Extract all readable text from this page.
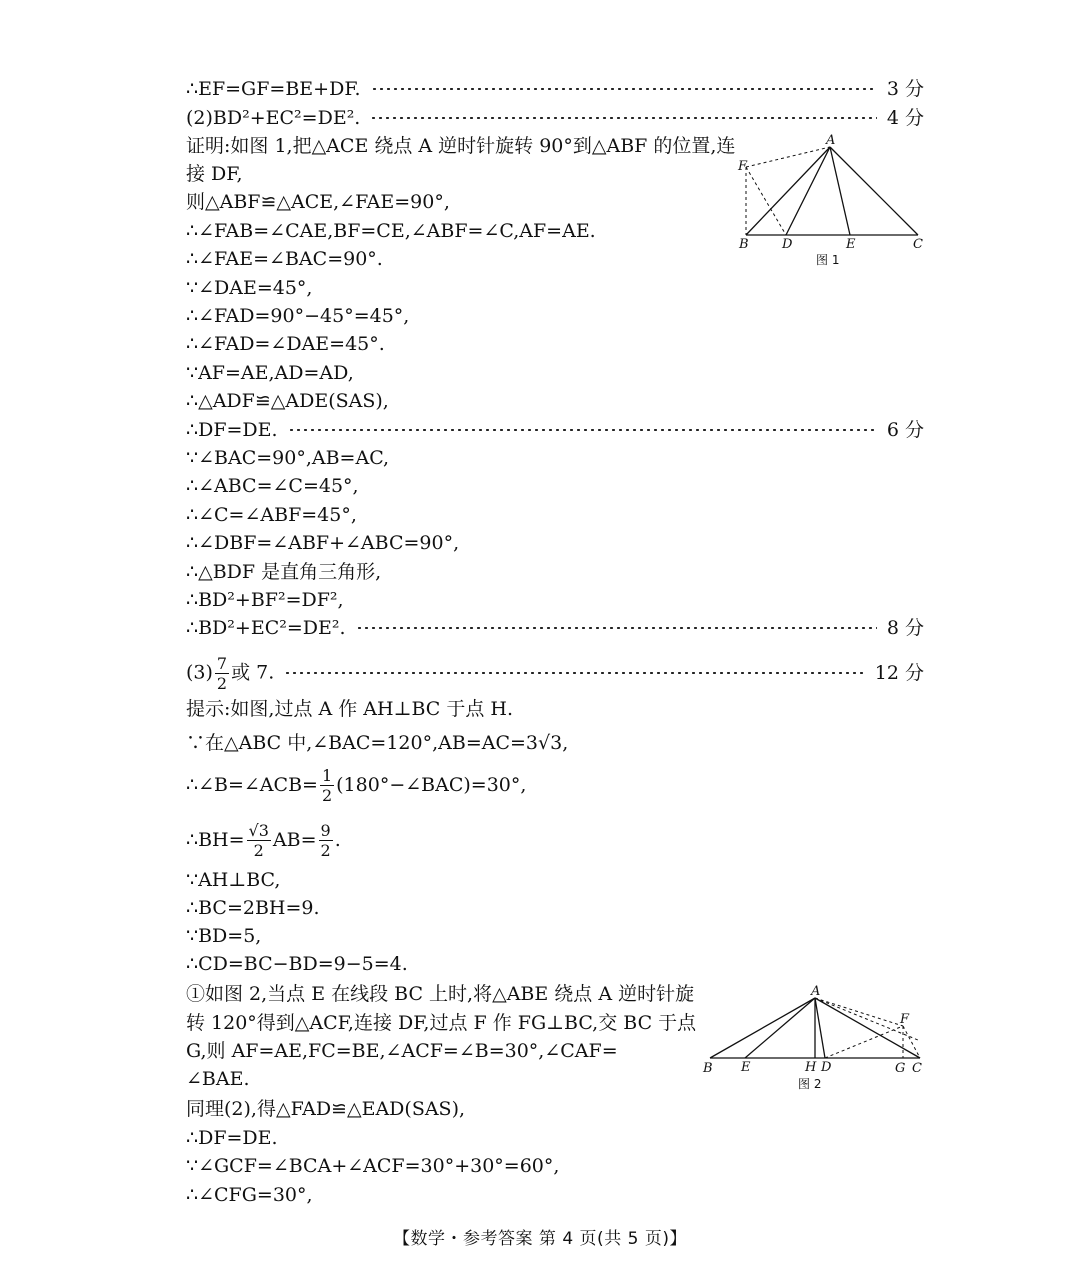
∴EF=GF=BE+DF.	3 分
(2)BD²+EC²=DE².	4 分
证明:如图 1,把△ACE 绕点 A 逆时针旋转 90°到△ABF 的位置,连
接 DF,
则△ABF≌△ACE,∠FAE=90°,
∴∠FAB=∠CAE,BF=CE,∠ABF=∠C,AF=AE.
∴∠FAE=∠BAC=90°.
∵∠DAE=45°,
∴∠FAD=90°−45°=45°,
∴∠FAD=∠DAE=45°.
∵AF=AE,AD=AD,
∴△ADF≌△ADE(SAS),
∴DF=DE.	6 分
∵∠BAC=90°,AB=AC,
∴∠ABC=∠C=45°,
∴∠C=∠ABF=45°,
∴∠DBF=∠ABF+∠ABC=90°,
∴△BDF 是直角三角形,
∴BD²+BF²=DF²,
∴BD²+EC²=DE².	8 分
$(3) \frac{7}{2}$ 或 7.	12 分
提示:如图,过点 A 作 AH⊥BC 于点 H.
∵在△ABC 中,∠BAC=120°,AB=AC=3√3,
∴∠B=∠ACB= $\frac{1}{2}$ (180°−∠BAC)=30°,
∴BH= $\frac{√3}{2} AB= \frac{9}{2}$ .
∵AH⊥BC,
∴BC=2BH=9.
∵BD=5,
∴CD=BC−BD=9−5=4.
①如图 2,当点 E 在线段 BC 上时,将△ABE 绕点 A 逆时针旋
转 120°得到△ACF,连接 DF,过点 F 作 FG⊥BC,交 BC 于点
G,则 AF=AE,FC=BE,∠ACF=∠B=30°,∠CAF=
∠BAE.
同理(2),得△FAD≌△EAD(SAS),
∴DF=DE.
∵∠GCF=∠BCA+∠ACF=30°+30°=60°,
∴∠CFG=30°,
A
F
B	D	E	C
图 1
A
F
B E	H D	G C
图 2
【数学・参考答案 第 4 页(共 5 页)】
